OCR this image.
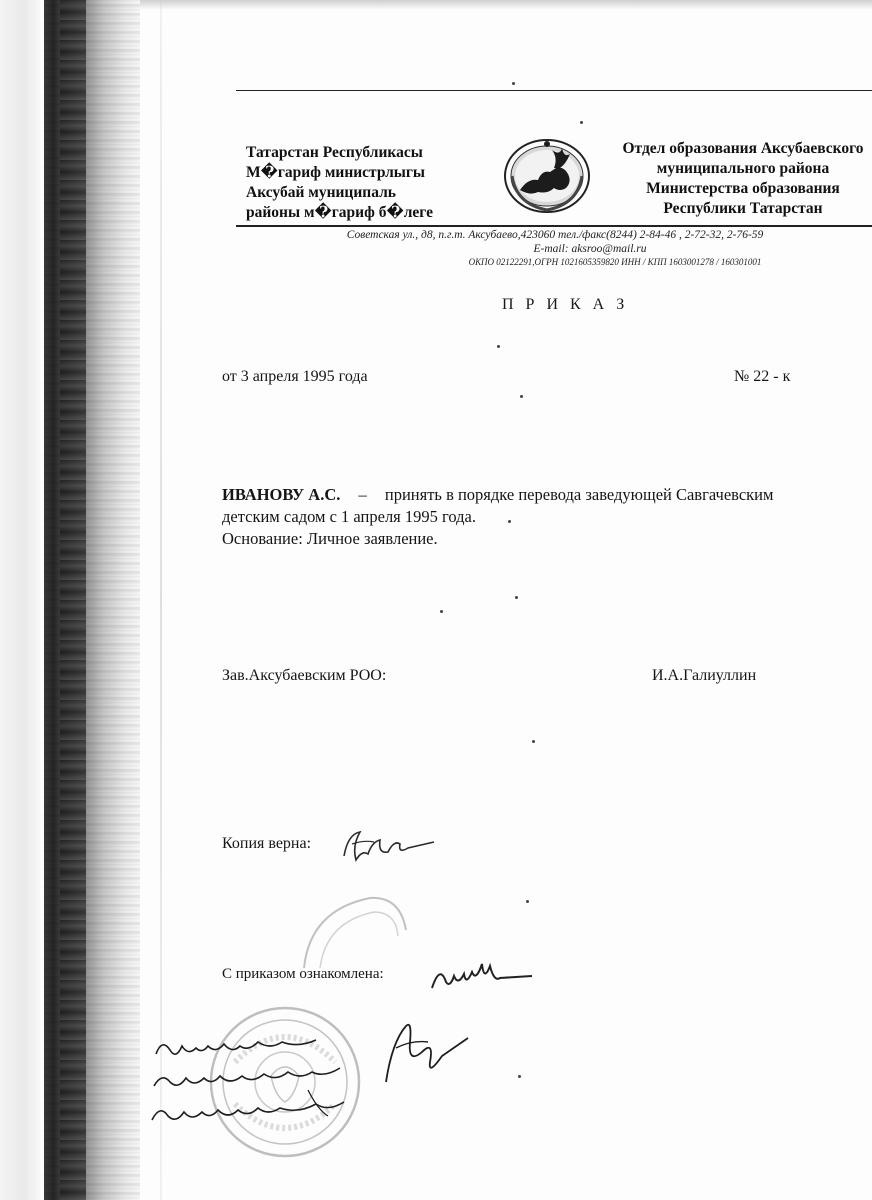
Татарстан Республикасы
М�гариф министрлыгы
Аксубай муниципаль
районы м�гариф б�леге
Отдел образования Аксубаевского
муниципального района
Министерства образования
Республики Татарстан
Советская ул., д8, п.г.т. Аксубаево,423060 тел./факс(8244) 2-84-46 , 2-72-32, 2-76-59
E-mail: aksroo@mail.ru
ОКПО 02122291,ОГРН 1021605359820 ИНН / КПП 1603001278 / 160301001
П Р И К А З
от 3 апреля 1995 года	№ 22 - к
ИВАНОВУ А.С. – принять в порядке перевода заведующей Савгачевским
детским садом с 1 апреля 1995 года.
Основание: Личное заявление.
Зав.Аксубаевским РОО:	И.А.Галиуллин
Копия верна:
С приказом ознакомлена:
